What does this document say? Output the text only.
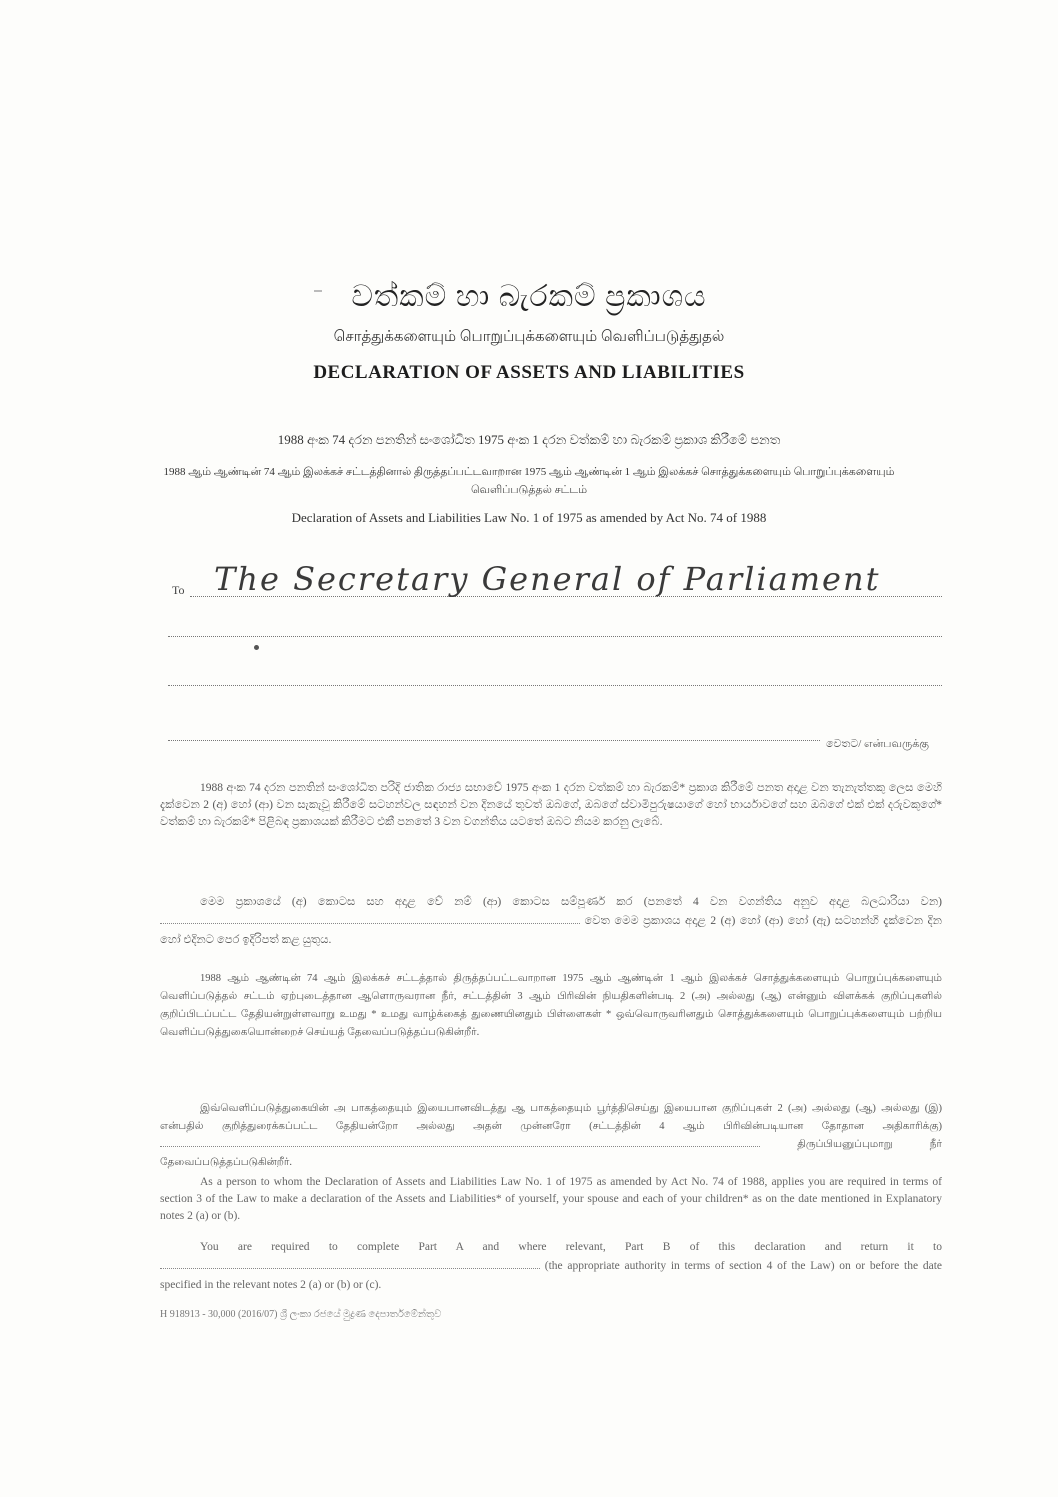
වත්කම් හා බැරකම් ප්‍රකාශය
சொத்துக்களையும் பொறுப்புக்களையும் வெளிப்படுத்துதல்
DECLARATION OF ASSETS AND LIABILITIES
1988 අංක 74 දරන පනතින් සංශෝධිත 1975 අංක 1 දරන වත්කම් හා බැරකම් ප්‍රකාශ කිරීමේ පනත
1988 ஆம் ஆண்டின் 74 ஆம் இலக்கச் சட்டத்தினால் திருத்தப்பட்டவாறான 1975 ஆம் ஆண்டின் 1 ஆம் இலக்கச் சொத்துக்களையும் பொறுப்புக்களையும்
வெளிப்படுத்தல் சட்டம்
Declaration of Assets and Liabilities Law No. 1 of 1975 as amended by Act No. 74 of 1988
To The Secretary General of Parliament
වෙතට/ என்பவருக்கு
1988 අංක 74 දරන පනතින් සංශෝධිත පරිදි ජාතික රාජ්‍ය සභාවේ 1975 අංක 1 දරන වත්කම් හා බැරකම්* ප්‍රකාශ කිරීමේ පනත අදාළ වන තැනැත්තකු ලෙස මෙහි දැක්වෙන 2 (අ) හෝ (ආ) වන සැකැවූ කිරීමේ සටහන්වල සඳහන් වන දිනයේ තුවත් ඔබගේ, ඔබගේ ස්වාමිපුරුෂයාගේ හෝ භාර්යාවගේ සහ ඔබගේ එක් එක් දරුවකුගේ* වත්කම් හා බැරකම්* පිළිබඳ ප්‍රකාශයක් කිරීමට එකී පනතේ 3 වන වගන්තිය යටතේ ඔබට නියම කරනු ලැබේ.
මෙම ප්‍රකාශයේ (අ) කොටස සහ අදාළ වේ නම් (ආ) කොටස සම්පූර්ණ කර (පනතේ 4 වන වගන්තිය අනුව අදාළ බලධාරියා වන)  වෙත මෙම ප්‍රකාශය අදාළ 2 (අ) හෝ (ආ) හෝ (ඇ) සටහන්හි දැක්වෙන දින හෝ එදිනට පෙර ඉදිරිපත් කළ යුතුය.
1988 ஆம் ஆண்டின் 74 ஆம் இலக்கச் சட்டத்தால் திருத்தப்பட்டவாறான 1975 ஆம் ஆண்டின் 1 ஆம் இலக்கச் சொத்துக்களையும் பொறுப்புக்களையும் வெளிப்படுத்தல் சட்டம் ஏற்புடைத்தான ஆளொருவரான நீர், சட்டத்தின் 3 ஆம் பிரிவின் நியதிகளின்படி 2 (அ) அல்லது (ஆ) என்னும் விளக்கக் குறிப்புகளில் குறிப்பிடப்பட்ட தேதியன்றுள்ளவாறு உமது * உமது வாழ்க்கைத் துணையினதும் பிள்ளைகள் * ஒவ்வொருவரினதும் சொத்துக்களையும் பொறுப்புக்களையும் பற்றிய வெளிப்படுத்துகையொன்றைச் செய்யத் தேவைப்படுத்தப்படுகின்றீர்.
இவ்வெளிப்படுத்துகையின் அ பாகத்தையும் இயைபானவிடத்து ஆ பாகத்தையும் பூர்த்திசெய்து இயைபான குறிப்புகள் 2 (அ) அல்லது (ஆ) அல்லது (இ) என்பதில் குறித்துரைக்கப்பட்ட தேதியன்றோ அல்லது அதன் முன்னரோ (சட்டத்தின் 4 ஆம் பிரிவின்படியான தோதான அதிகாரிக்கு)  திருப்பியனுப்புமாறு நீர் தேவைப்படுத்தப்படுகின்றீர்.
As a person to whom the Declaration of Assets and Liabilities Law No. 1 of 1975 as amended by Act No. 74 of 1988, applies you are required in terms of section 3 of the Law to make a declaration of the Assets and Liabilities* of yourself, your spouse and each of your children* as on the date mentioned in Explanatory notes 2 (a) or (b).
You are required to complete Part A and where relevant, Part B of this declaration and return it to  (the appropriate authority in terms of section 4 of the Law) on or before the date specified in the relevant notes 2 (a) or (b) or (c).
H 918913 - 30,000 (2016/07) ශ්‍රී ලංකා රජයේ මුද්‍රණ දෙපාර්තමේන්තුව
